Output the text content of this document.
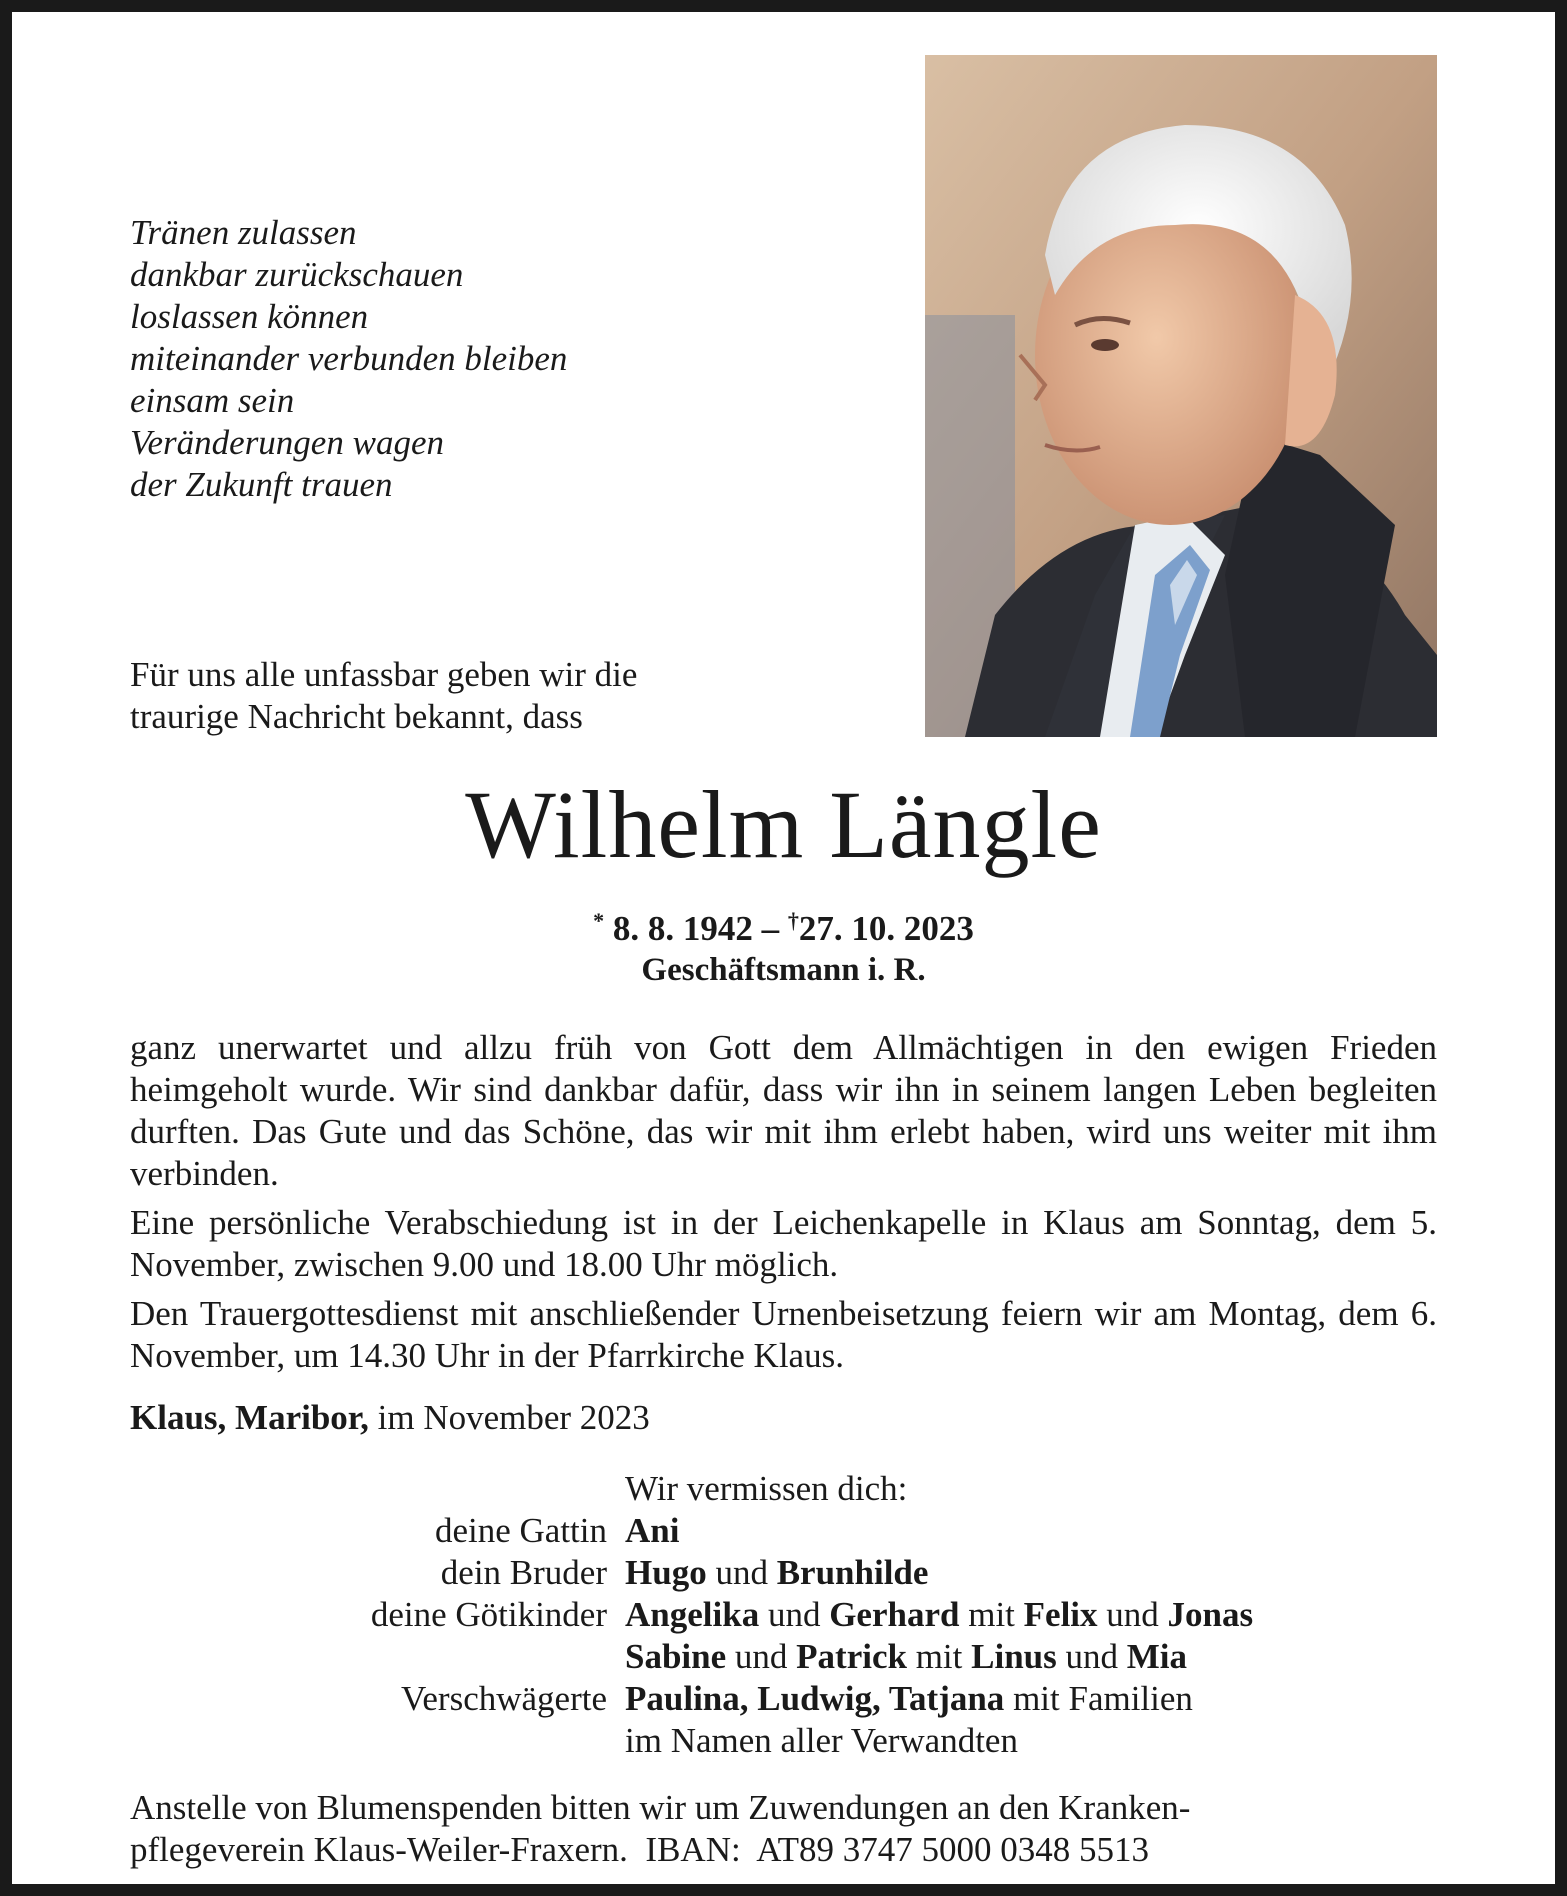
Tränen zulassen
dankbar zurückschauen
loslassen können
miteinander verbunden bleiben
einsam sein
Veränderungen wagen
der Zukunft trauen
Für uns alle unfassbar geben wir die
traurige Nachricht bekannt, dass
Wilhelm Längle
* 8. 8. 1942 – †27. 10. 2023
Geschäftsmann i. R.
ganz unerwartet und allzu früh von Gott dem Allmächtigen in den ewigen Frieden heimgeholt wurde. Wir sind dankbar dafür, dass wir ihn in seinem langen Leben begleiten durften. Das Gute und das Schöne, das wir mit ihm erlebt haben, wird uns weiter mit ihm verbinden.
Eine persönliche Verabschiedung ist in der Leichenkapelle in Klaus am Sonntag, dem 5. November, zwischen 9.00 und 18.00 Uhr möglich.
Den Trauergottesdienst mit anschließender Urnenbeisetzung feiern wir am Montag, dem 6. November, um 14.30 Uhr in der Pfarrkirche Klaus.
Klaus, Maribor, im November 2023
Wir vermissen dich:
deine Gattin Ani
dein Bruder Hugo und Brunhilde
deine Götikinder Angelika und Gerhard mit Felix und Jonas
Sabine und Patrick mit Linus und Mia
Verschwägerte Paulina, Ludwig, Tatjana mit Familien
im Namen aller Verwandten
Anstelle von Blumenspenden bitten wir um Zuwendungen an den Kranken-
pflegeverein Klaus-Weiler-Fraxern.  IBAN:  AT89 3747 5000 0348 5513
